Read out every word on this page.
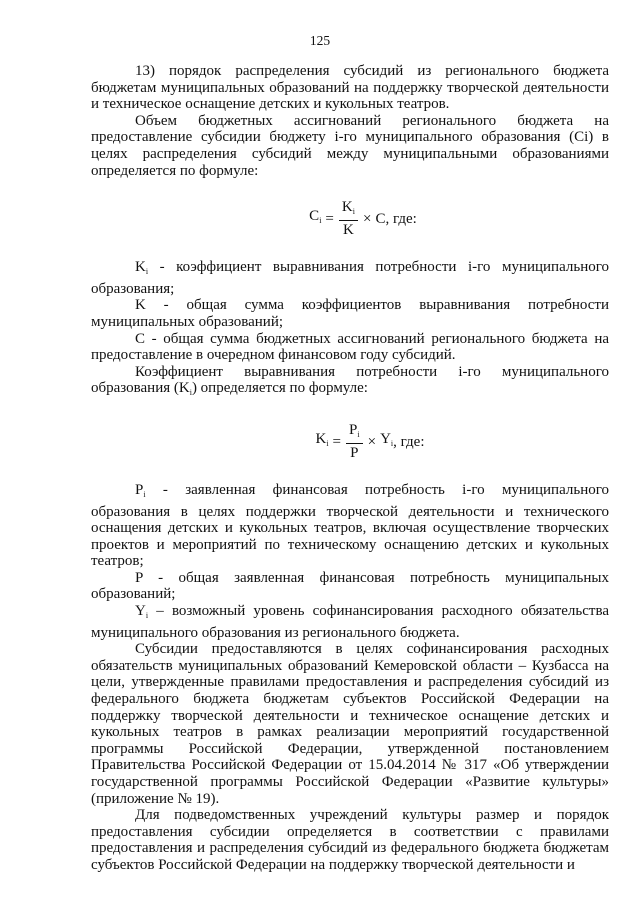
125

13) порядок распределения субсидий из регионального бюджета бюджетам муниципальных образований на поддержку творческой деятельности и техническое оснащение детских и кукольных театров.

Объем бюджетных ассигнований регионального бюджета на предоставление субсидии бюджету i-го муниципального образования (Ci) в целях распределения субсидий между муниципальными образованиями определяется по формуле:

$C_i = \frac{K_i}{K} \times C$ , где:

$K_i$ - коэффициент выравнивания потребности i-го муниципального образования;

K - общая сумма коэффициентов выравнивания потребности муниципальных образований;

C - общая сумма бюджетных ассигнований регионального бюджета на предоставление в очередном финансовом году субсидий.

Коэффициент выравнивания потребности i-го муниципального образования $(K_i)$ определяется по формуле:

$K_i = \frac{P_i}{P} \times Y_i$ , где:

$P_i$ - заявленная финансовая потребность i-го муниципального образования в целях поддержки творческой деятельности и технического оснащения детских и кукольных театров, включая осуществление творческих проектов и мероприятий по техническому оснащению детских и кукольных театров;

P - общая заявленная финансовая потребность муниципальных образований;

$Y_i$ – возможный уровень софинансирования расходного обязательства муниципального образования из регионального бюджета.

Субсидии предоставляются в целях софинансирования расходных обязательств муниципальных образований Кемеровской области – Кузбасса на цели, утвержденные правилами предоставления и распределения субсидий из федерального бюджета бюджетам субъектов Российской Федерации на поддержку творческой деятельности и техническое оснащение детских и кукольных театров в рамках реализации мероприятий государственной программы Российской Федерации, утвержденной постановлением Правительства Российской Федерации от 15.04.2014 № 317 «Об утверждении государственной программы Российской Федерации «Развитие культуры» (приложение № 19).

Для подведомственных учреждений культуры размер и порядок предоставления субсидии определяется в соответствии с правилами предоставления и распределения субсидий из федерального бюджета бюджетам субъектов Российской Федерации на поддержку творческой деятельности и
